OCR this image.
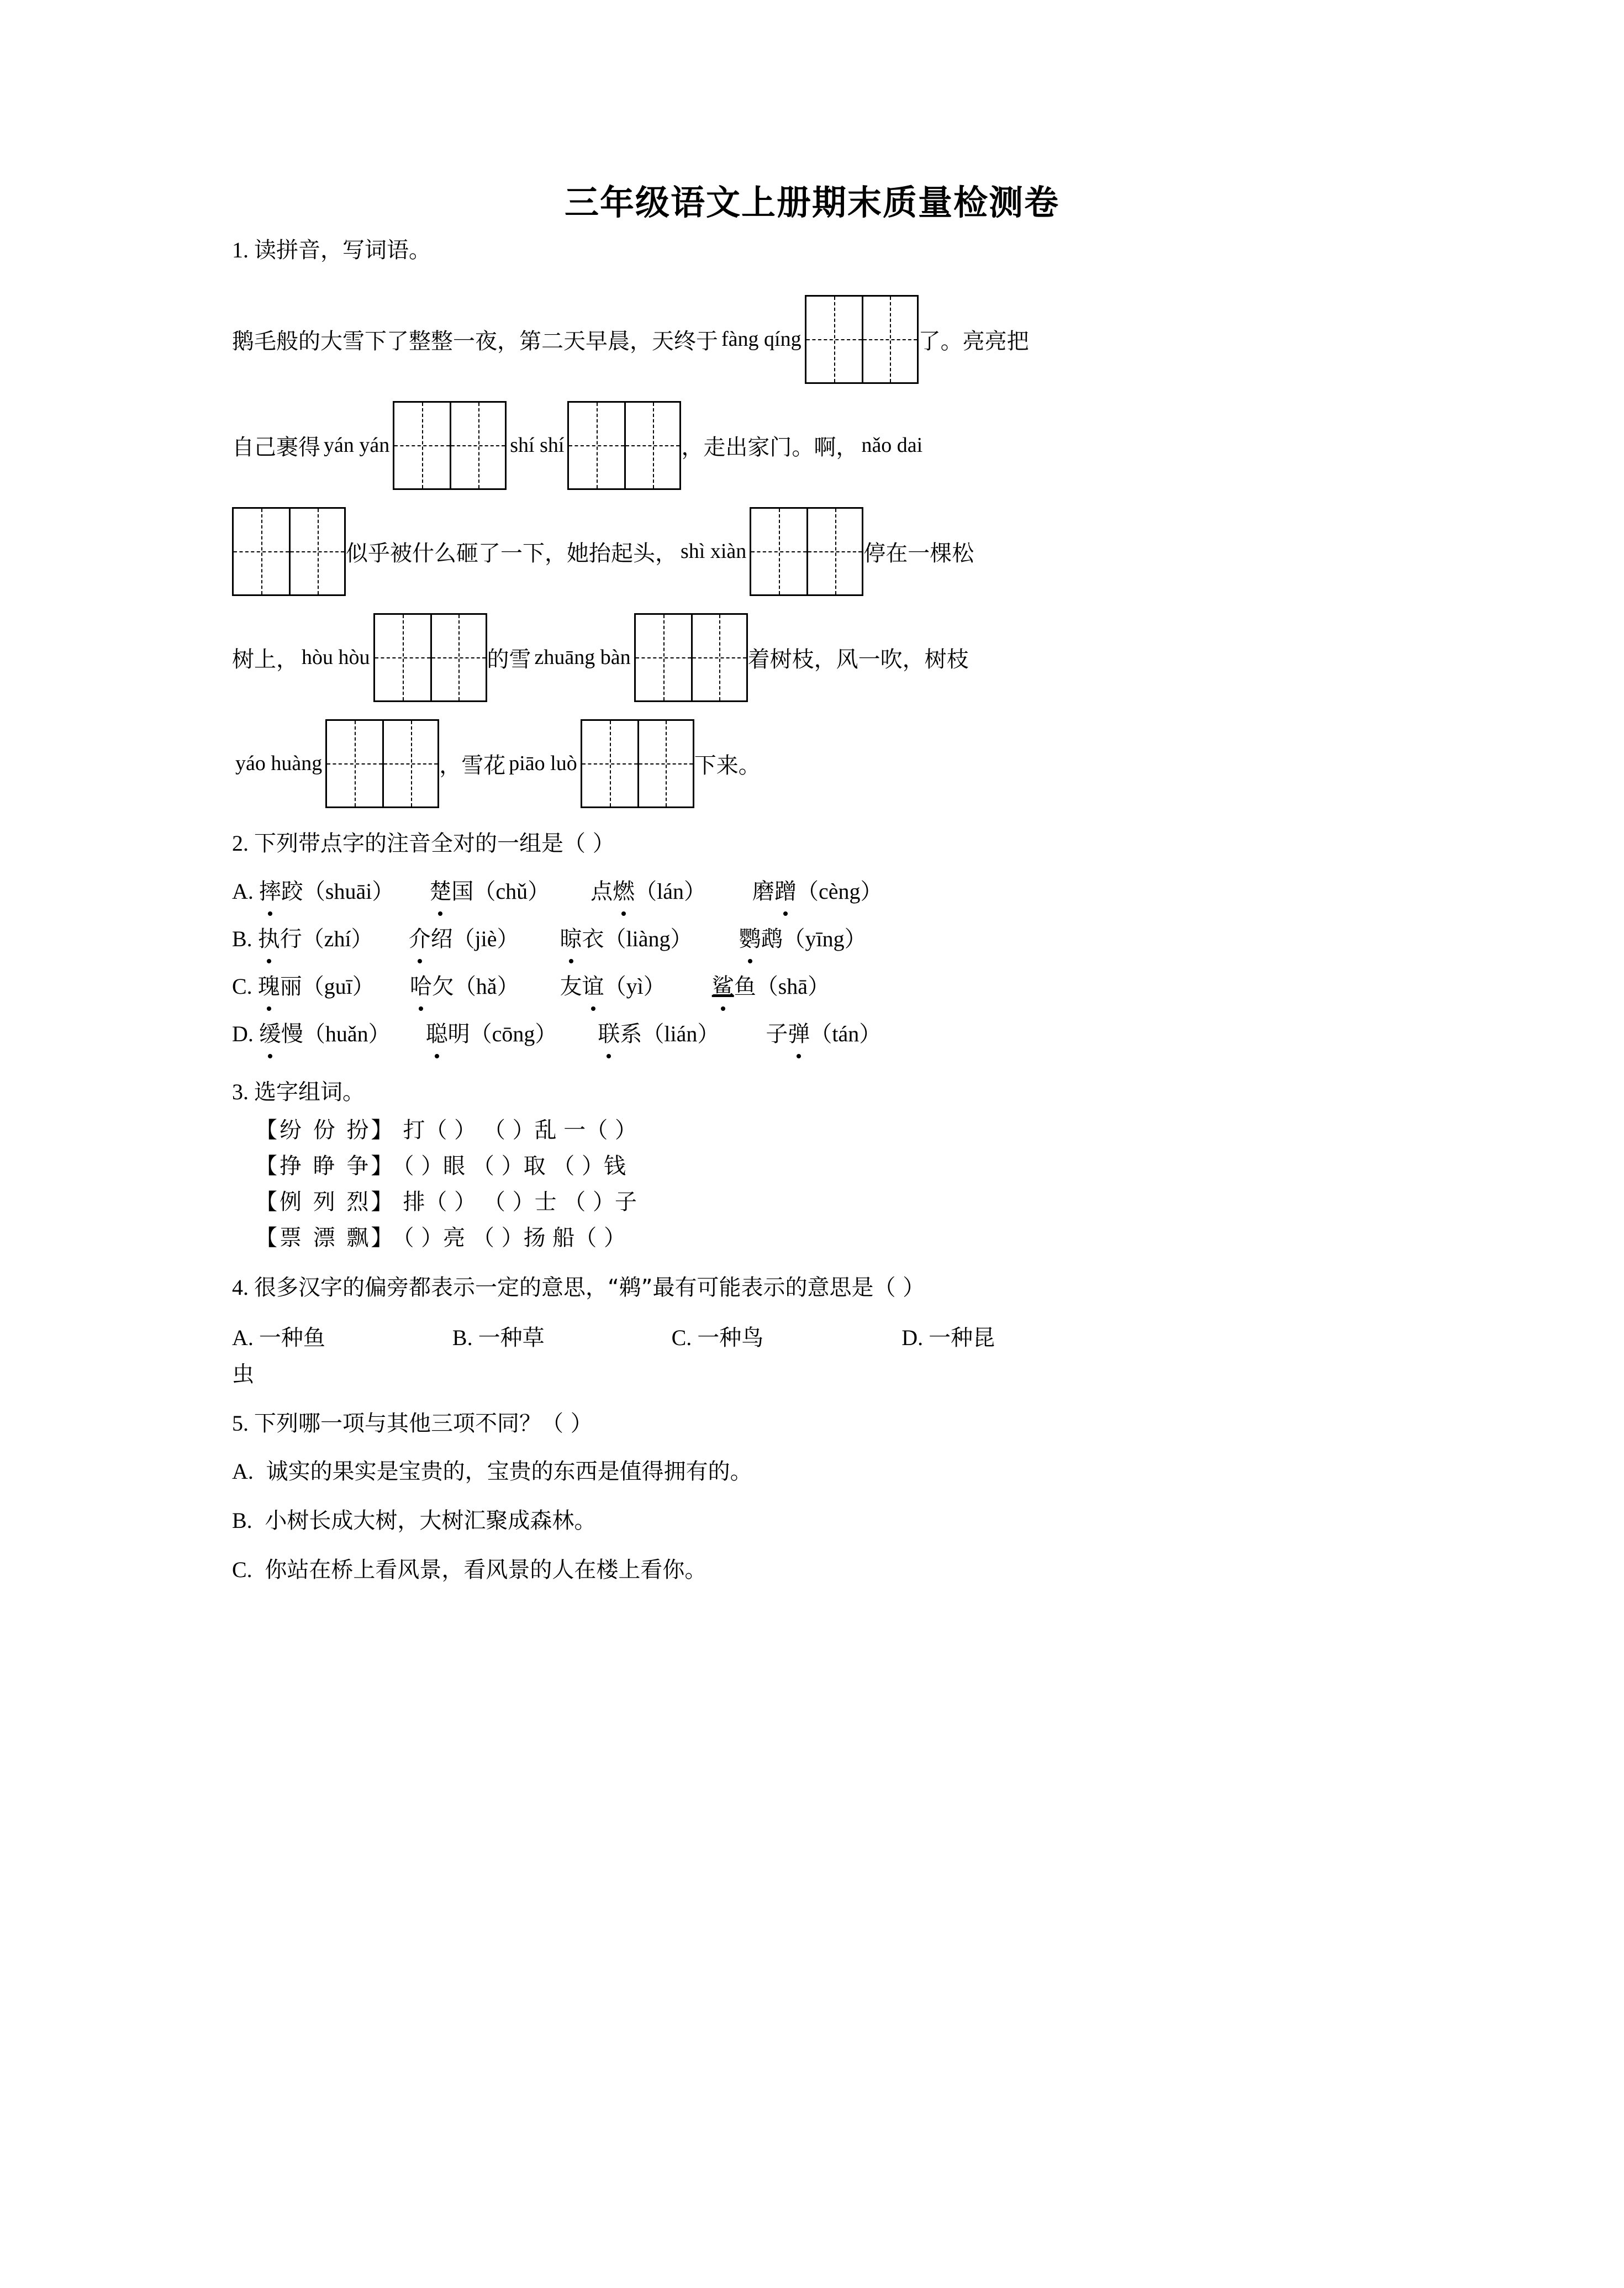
三年级语文上册期末质量检测卷

1. 读拼音，写词语。

鹅毛般的大雪下了整整一夜，第二天早晨，天终于 fàng qíng	了。亮亮把
自己裹得 yán yán	shí shí	，走出家门。啊， nǎo dai
似乎被什么砸了一下，她抬起头， shì xiàn	停在一棵松
树上， hòu hòu	的雪 zhuāng bàn	着树枝，风一吹，树枝
yáo huàng	，雪花 piāo luò	下来。

2. 下列带点字的注音全对的一组是（ ）

A. 摔跤 （shuāi） 楚国 （chǔ） 点燃 （lán） 磨蹭 （cèng）
B. 执行 （zhí） 介绍 （jiè） 晾衣 （liàng） 鹦鹉 （yīng）
C. 瑰丽 （guī） 哈欠 （hǎ） 友谊 （yì） 鲨鱼 （shā）
D. 缓慢 （huǎn） 聪明 （cōng） 联系 （lián） 子弹 （tán）

3. 选字组词。

【纷 份 扮】 打（ ） （ ）乱 一（ ）
【挣 睁 争】 （ ）眼 （ ）取 （ ）钱
【例 列 烈】 排（ ） （ ）士 （ ）子
【票 漂 飘】 （ ）亮 （ ）扬 船（ ）

4. 很多汉字的偏旁都表示一定的意思，“鹈”最有可能表示的意思是（ ）

A. 一种鱼	B. 一种草	C. 一种鸟	D. 一种昆
虫

5. 下列哪一项与其他三项不同？（ ）

A. 诚实的果实是宝贵的，宝贵的东西是值得拥有的。
B. 小树长成大树，大树汇聚成森林。
C. 你站在桥上看风景，看风景的人在楼上看你。
